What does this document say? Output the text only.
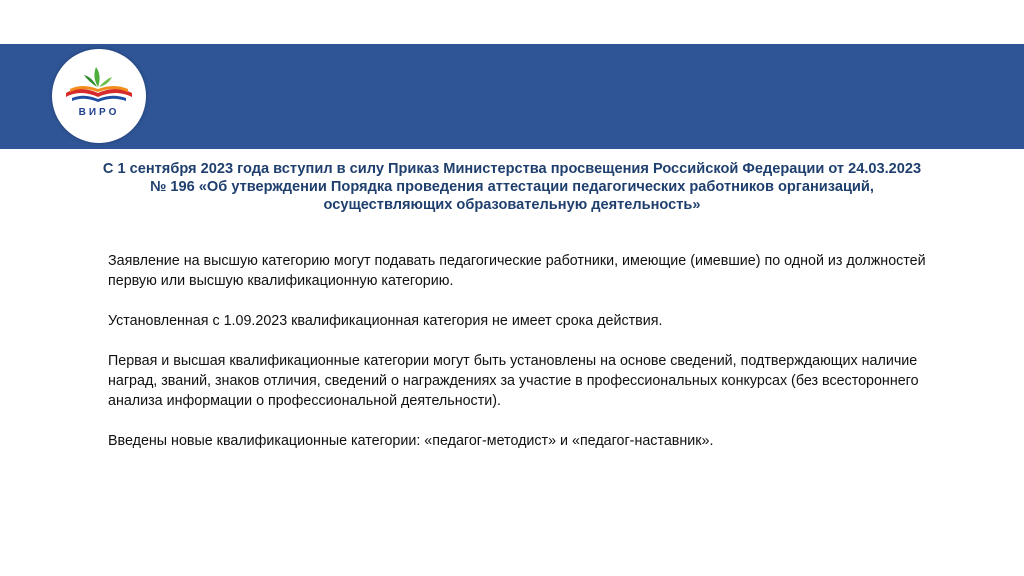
ВИРО
С 1 сентября 2023 года вступил в силу Приказ Министерства просвещения Российской Федерации от 24.03.2023 № 196 «Об утверждении Порядка проведения аттестации педагогических работников организаций, осуществляющих образовательную деятельность»

Заявление на высшую категорию могут подавать педагогические работники, имеющие (имевшие) по одной из должностей первую или высшую квалификационную категорию.

Установленная с 1.09.2023 квалификационная категория не имеет срока действия.

Первая и высшая квалификационные категории могут быть установлены на основе сведений, подтверждающих наличие наград, званий, знаков отличия, сведений о награждениях за участие в профессиональных конкурсах (без всестороннего анализа информации о профессиональной деятельности).

Введены новые квалификационные категории: «педагог-методист» и «педагог-наставник».
